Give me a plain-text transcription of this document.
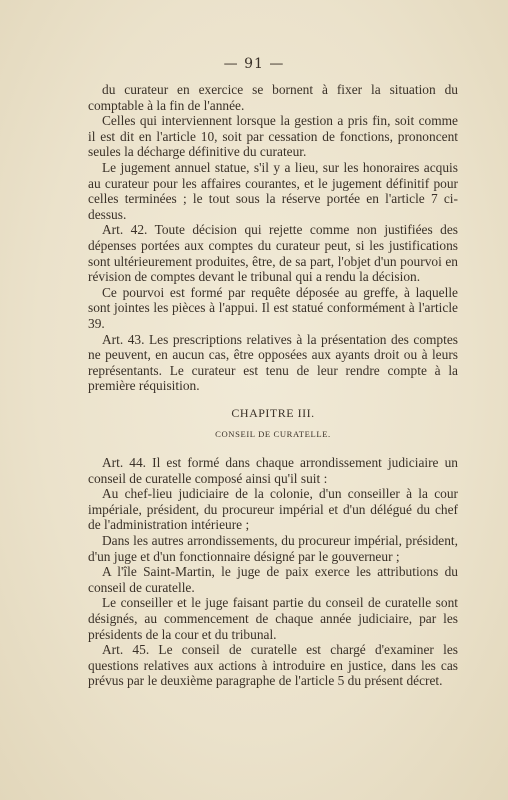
— 91 —

du curateur en exercice se bornent à fixer la situation du comptable à la fin de l'année.

Celles qui interviennent lorsque la gestion a pris fin, soit comme il est dit en l'article 10, soit par cessation de fonctions, prononcent seules la décharge définitive du curateur.

Le jugement annuel statue, s'il y a lieu, sur les honoraires acquis au curateur pour les affaires courantes, et le jugement définitif pour celles terminées ; le tout sous la réserve portée en l'article 7 ci-dessus.

Art. 42. Toute décision qui rejette comme non justifiées des dépenses portées aux comptes du curateur peut, si les justifications sont ultérieurement produites, être, de sa part, l'objet d'un pourvoi en révision de comptes devant le tribunal qui a rendu la décision.

Ce pourvoi est formé par requête déposée au greffe, à laquelle sont jointes les pièces à l'appui. Il est statué conformément à l'article 39.

Art. 43. Les prescriptions relatives à la présentation des comptes ne peuvent, en aucun cas, être opposées aux ayants droit ou à leurs représentants. Le curateur est tenu de leur rendre compte à la première réquisition.

CHAPITRE III.
CONSEIL DE CURATELLE.

Art. 44. Il est formé dans chaque arrondissement judiciaire un conseil de curatelle composé ainsi qu'il suit :

Au chef-lieu judiciaire de la colonie, d'un conseiller à la cour impériale, président, du procureur impérial et d'un délégué du chef de l'administration intérieure ;

Dans les autres arrondissements, du procureur impérial, président, d'un juge et d'un fonctionnaire désigné par le gouverneur ;

A l'île Saint-Martin, le juge de paix exerce les attributions du conseil de curatelle.

Le conseiller et le juge faisant partie du conseil de curatelle sont désignés, au commencement de chaque année judiciaire, par les présidents de la cour et du tribunal.

Art. 45. Le conseil de curatelle est chargé d'examiner les questions relatives aux actions à introduire en justice, dans les cas prévus par le deuxième paragraphe de l'article 5 du présent décret.
